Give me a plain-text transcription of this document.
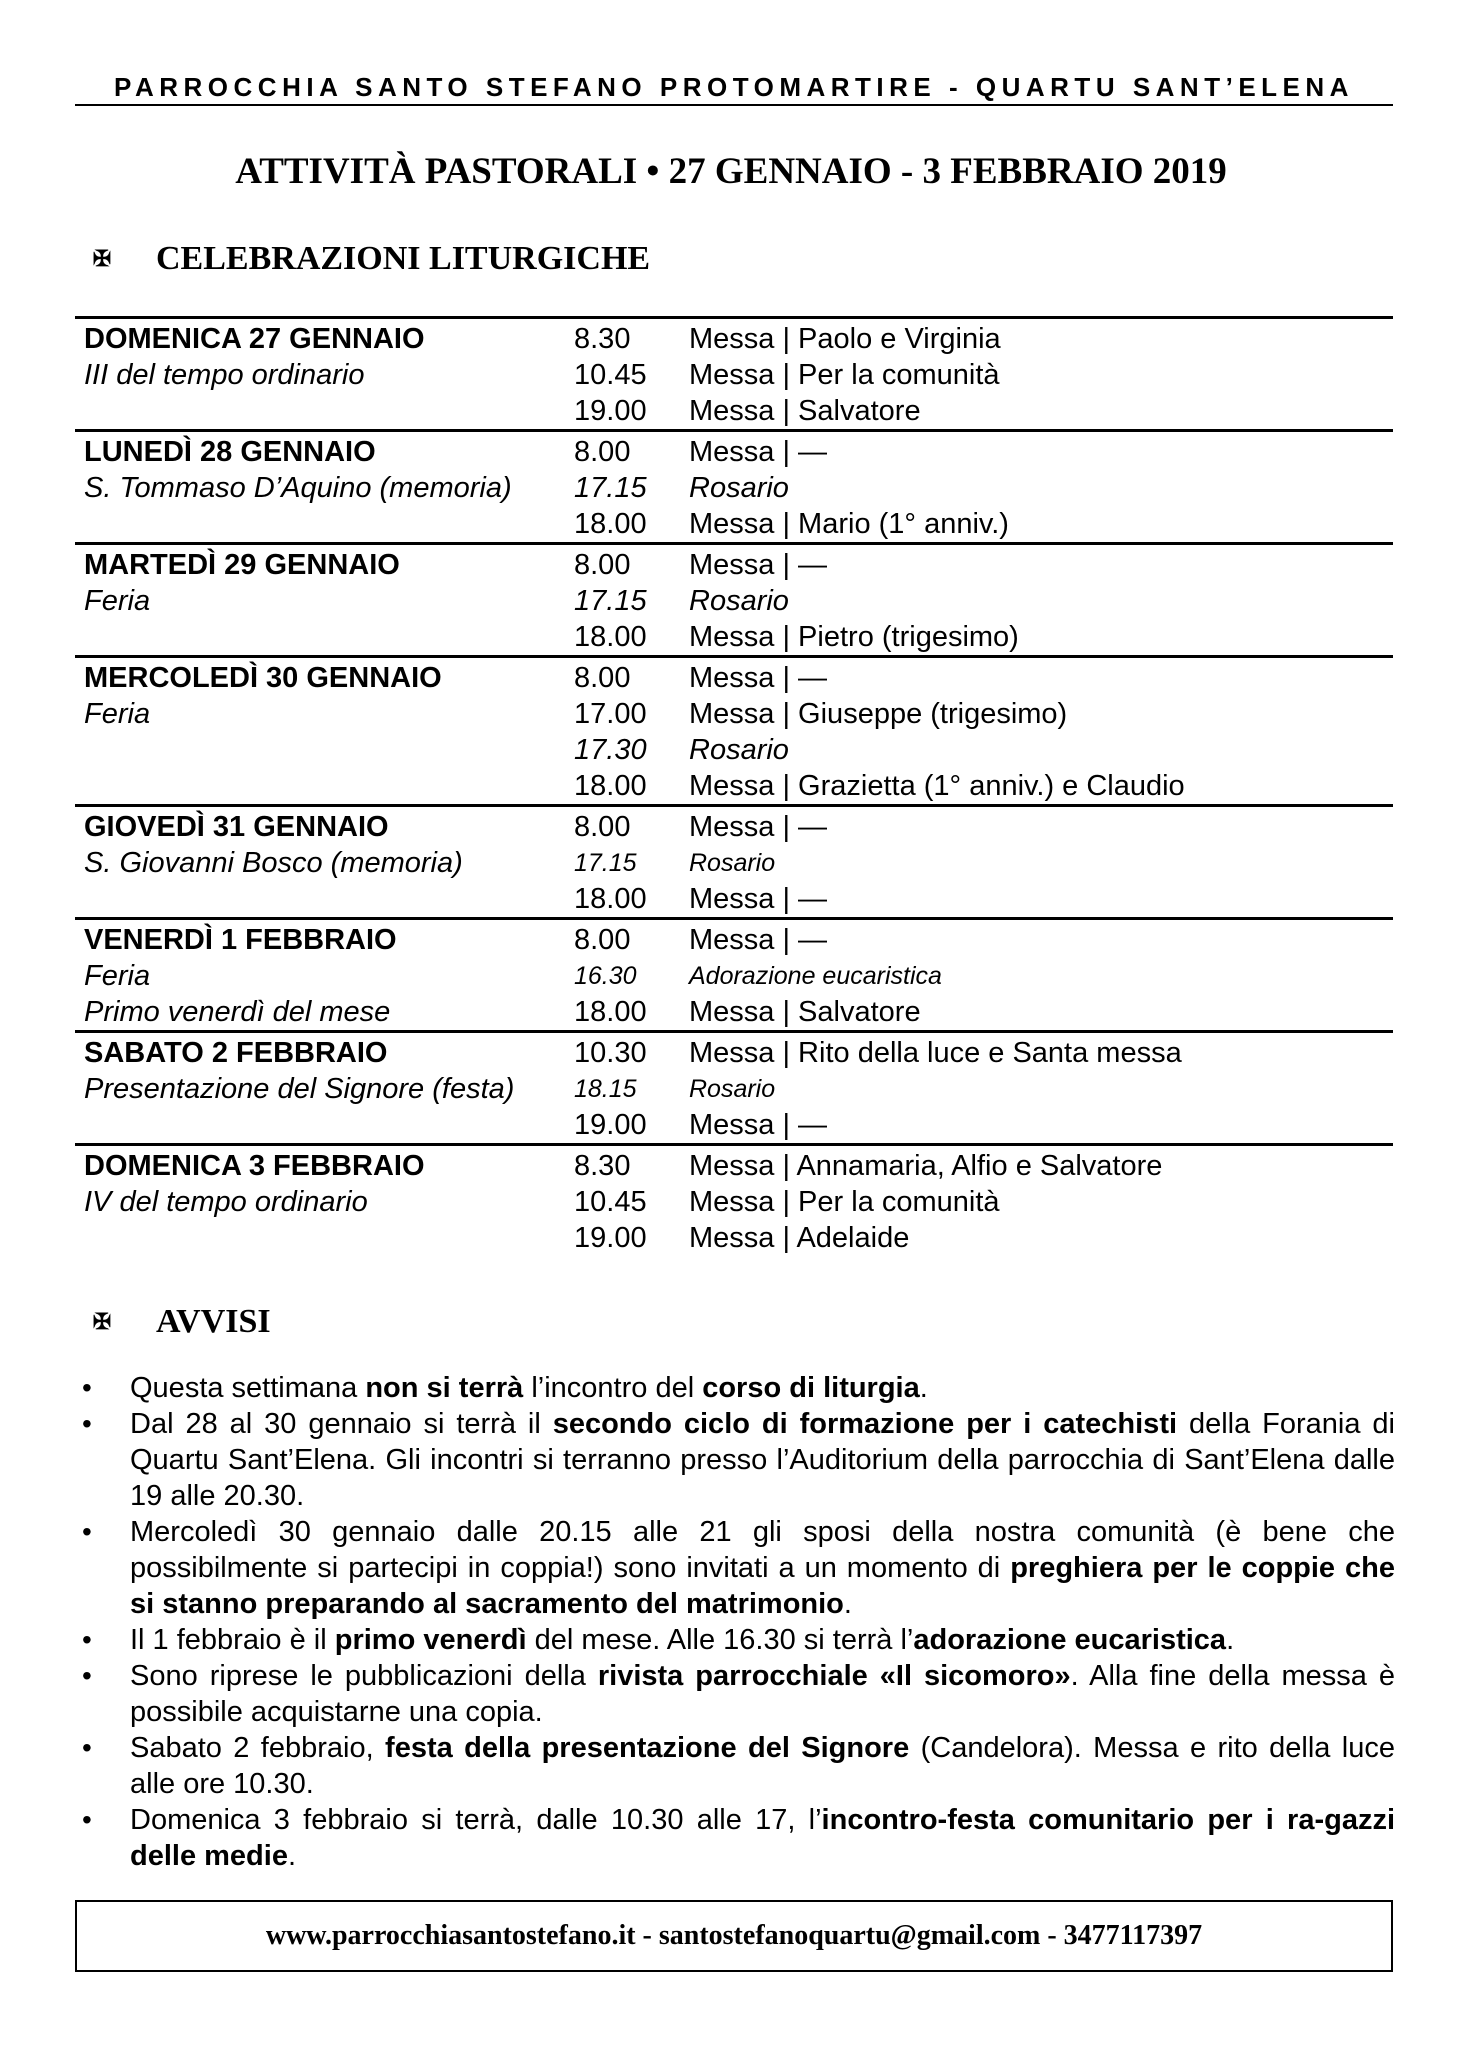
PARROCCHIA SANTO STEFANO PROTOMARTIRE - QUARTU SANT’ELENA
ATTIVITÀ PASTORALI • 27 GENNAIO - 3 FEBBRAIO 2019
✠ CELEBRAZIONI LITURGICHE
DOMENICA 27 GENNAIO	8.30 Messa | Paolo e Virginia
III del tempo ordinario	10.45 Messa | Per la comunità
19.00 Messa | Salvatore
LUNEDÌ 28 GENNAIO	8.00 Messa | —
S. Tommaso D’Aquino (memoria) 17.15 Rosario
18.00 Messa | Mario (1° anniv.)
MARTEDÌ 29 GENNAIO	8.00 Messa | —
Feria	17.15 Rosario
18.00 Messa | Pietro (trigesimo)
MERCOLEDÌ 30 GENNAIO	8.00 Messa | —
Feria	17.00 Messa | Giuseppe (trigesimo)
17.30 Rosario
18.00 Messa | Grazietta (1° anniv.) e Claudio
GIOVEDÌ 31 GENNAIO	8.00 Messa | —
S. Giovanni Bosco (memoria)	17.15 Rosario
18.00 Messa | —
VENERDÌ 1 FEBBRAIO	8.00 Messa | —
Feria	16.30 Adorazione eucaristica
Primo venerdì del mese	18.00 Messa | Salvatore
SABATO 2 FEBBRAIO	10.30 Messa | Rito della luce e Santa messa
Presentazione del Signore (festa) 18.15 Rosario
19.00 Messa | —
DOMENICA 3 FEBBRAIO	8.30 Messa | Annamaria, Alfio e Salvatore
IV del tempo ordinario	10.45 Messa | Per la comunità
19.00 Messa | Adelaide
✠ AVVISI
• Questa settimana non si terrà l’incontro del corso di liturgia.
• Dal 28 al 30 gennaio si terrà il secondo ciclo di formazione per i catechisti della Forania di Quartu Sant’Elena. Gli incontri si terranno presso l’Auditorium della parrocchia di Sant’Elena dalle 19 alle 20.30.
• Mercoledì 30 gennaio dalle 20.15 alle 21 gli sposi della nostra comunità (è bene che possibilmente si partecipi in coppia!) sono invitati a un momento di preghiera per le coppie che si stanno preparando al sacramento del matrimonio.
• Il 1 febbraio è il primo venerdì del mese. Alle 16.30 si terrà l’adorazione eucaristica.
• Sono riprese le pubblicazioni della rivista parrocchiale «Il sicomoro». Alla fine della messa è possibile acquistarne una copia.
• Sabato 2 febbraio, festa della presentazione del Signore (Candelora). Messa e rito della luce alle ore 10.30.
• Domenica 3 febbraio si terrà, dalle 10.30 alle 17, l’incontro-festa comunitario per i ra-gazzi delle medie.
www.parrocchiasantostefano.it - santostefanoquartu@gmail.com - 3477117397
